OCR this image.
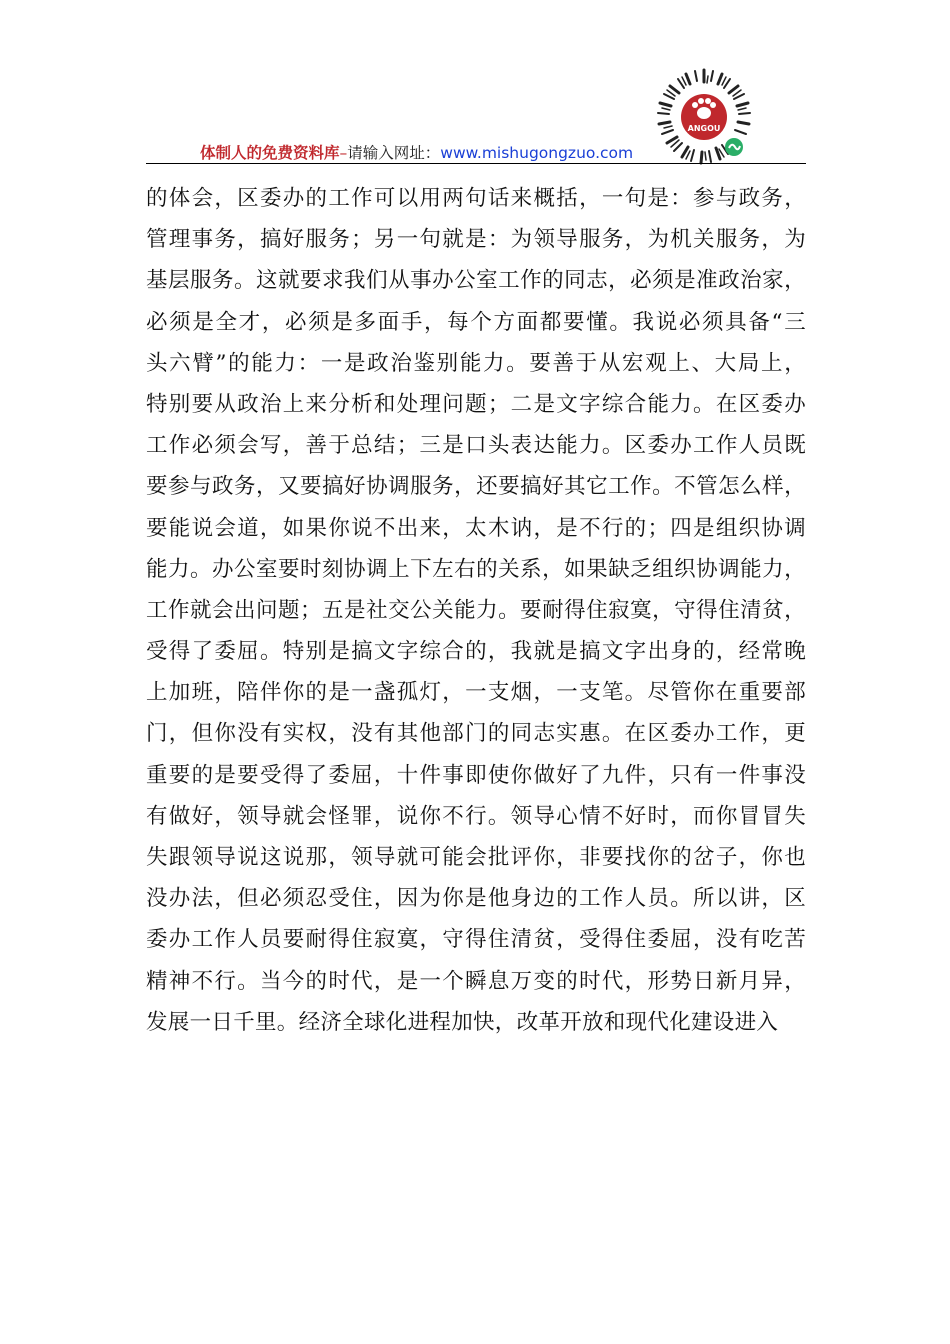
ANGOU
体制人的免费资料库–请输入网址：www.mishugongzuo.com
的体会，区委办的工作可以用两句话来概括，一句是：参与政务，
管理事务，搞好服务；另一句就是：为领导服务，为机关服务，为
基层服务。这就要求我们从事办公室工作的同志，必须是准政治家，
必须是全才，必须是多面手，每个方面都要懂。我说必须具备“三
头六臂”的能力：一是政治鉴别能力。要善于从宏观上、大局上，
特别要从政治上来分析和处理问题；二是文字综合能力。在区委办
工作必须会写，善于总结；三是口头表达能力。区委办工作人员既
要参与政务，又要搞好协调服务，还要搞好其它工作。不管怎么样，
要能说会道，如果你说不出来，太木讷，是不行的；四是组织协调
能力。办公室要时刻协调上下左右的关系，如果缺乏组织协调能力，
工作就会出问题；五是社交公关能力。要耐得住寂寞，守得住清贫，
受得了委屈。特别是搞文字综合的，我就是搞文字出身的，经常晚
上加班，陪伴你的是一盏孤灯，一支烟，一支笔。尽管你在重要部
门，但你没有实权，没有其他部门的同志实惠。在区委办工作，更
重要的是要受得了委屈，十件事即使你做好了九件，只有一件事没
有做好，领导就会怪罪，说你不行。领导心情不好时，而你冒冒失
失跟领导说这说那，领导就可能会批评你，非要找你的岔子，你也
没办法，但必须忍受住，因为你是他身边的工作人员。所以讲，区
委办工作人员要耐得住寂寞，守得住清贫，受得住委屈，没有吃苦
精神不行。当今的时代，是一个瞬息万变的时代，形势日新月异，
发展一日千里。经济全球化进程加快，改革开放和现代化建设进入
